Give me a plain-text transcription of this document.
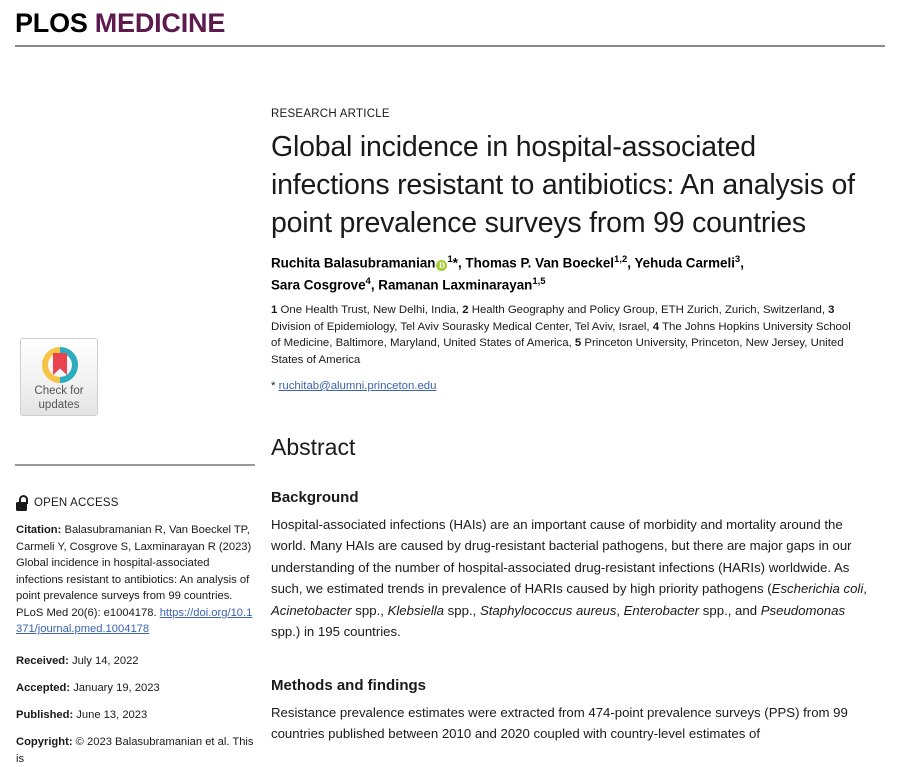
PLOS MEDICINE
Check for
updates
OPEN ACCESS
Citation: Balasubramanian R, Van Boeckel TP, Carmeli Y, Cosgrove S, Laxminarayan R (2023) Global incidence in hospital-associated infections resistant to antibiotics: An analysis of point prevalence surveys from 99 countries. PLoS Med 20(6): e1004178. https://doi.org/10.1371/journal.pmed.1004178
Received: July 14, 2022
Accepted: January 19, 2023
Published: June 13, 2023
Copyright: © 2023 Balasubramanian et al. This is
RESEARCH ARTICLE
Global incidence in hospital-associated infections resistant to antibiotics: An analysis of point prevalence surveys from 99 countries
Ruchita Balasubramanian $D^1*$, Thomas P. Van Boeckel$^{1,2}$, Yehuda Carmeli$^3$,
Sara Cosgrove$^4$, Ramanan Laxminarayan$^{1,5}$
1 One Health Trust, New Delhi, India, 2 Health Geography and Policy Group, ETH Zurich, Zurich, Switzerland, 3 Division of Epidemiology, Tel Aviv Sourasky Medical Center, Tel Aviv, Israel, 4 The Johns Hopkins University School of Medicine, Baltimore, Maryland, United States of America, 5 Princeton University, Princeton, New Jersey, United States of America
* ruchitab@alumni.princeton.edu
Abstract
Background
Hospital-associated infections (HAIs) are an important cause of morbidity and mortality around the world. Many HAIs are caused by drug-resistant bacterial pathogens, but there are major gaps in our understanding of the number of hospital-associated drug-resistant infections (HARIs) worldwide. As such, we estimated trends in prevalence of HARIs caused by high priority pathogens (Escherichia coli, Acinetobacter spp., Klebsiella spp., Staphylococcus aureus, Enterobacter spp., and Pseudomonas spp.) in 195 countries.
Methods and findings
Resistance prevalence estimates were extracted from 474-point prevalence surveys (PPS) from 99 countries published between 2010 and 2020 coupled with country-level estimates of
